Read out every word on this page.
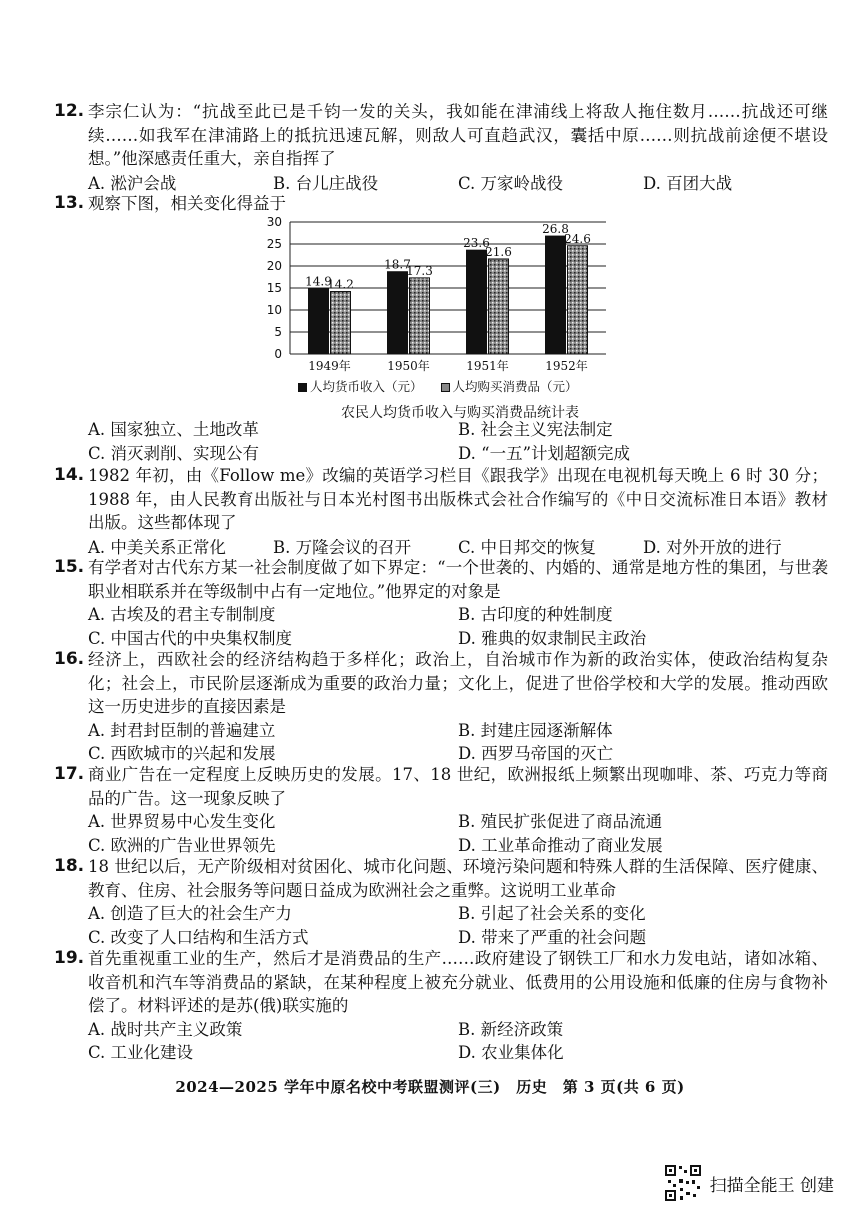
12. 李宗仁认为：“抗战至此已是千钧一发的关头，我如能在津浦线上将敌人拖住数月……抗战还可继续……如我军在津浦路上的抵抗迅速瓦解，则敌人可直趋武汉，囊括中原……则抗战前途便不堪设想。”他深感责任重大，亲自指挥了
A. 淞沪会战	B. 台儿庄战役	C. 万家岭战役	D. 百团大战
13. 观察下图，相关变化得益于
0
5
10
15
20
25
30
14.9
14.2
1949年
18.7
17.3
1950年
23.6
21.6
1951年
26.8
24.6
1952年
人均货币收入（元） 人均购买消费品（元）
农民人均货币收入与购买消费品统计表
A. 国家独立、土地改革	B. 社会主义宪法制定
C. 消灭剥削、实现公有	D. “一五”计划超额完成
14. 1982 年初，由《Follow me》改编的英语学习栏目《跟我学》出现在电视机每天晚上 6 时 30 分；1988 年，由人民教育出版社与日本光村图书出版株式会社合作编写的《中日交流标准日本语》教材出版。这些都体现了
A. 中美关系正常化	B. 万隆会议的召开	C. 中日邦交的恢复	D. 对外开放的进行
15. 有学者对古代东方某一社会制度做了如下界定：“一个世袭的、内婚的、通常是地方性的集团，与世袭职业相联系并在等级制中占有一定地位。”他界定的对象是
A. 古埃及的君主专制制度	B. 古印度的种姓制度
C. 中国古代的中央集权制度	D. 雅典的奴隶制民主政治
16. 经济上，西欧社会的经济结构趋于多样化；政治上，自治城市作为新的政治实体，使政治结构复杂化；社会上，市民阶层逐渐成为重要的政治力量；文化上，促进了世俗学校和大学的发展。推动西欧这一历史进步的直接因素是
A. 封君封臣制的普遍建立	B. 封建庄园逐渐解体
C. 西欧城市的兴起和发展	D. 西罗马帝国的灭亡
17. 商业广告在一定程度上反映历史的发展。17、18 世纪，欧洲报纸上频繁出现咖啡、茶、巧克力等商品的广告。这一现象反映了
A. 世界贸易中心发生变化	B. 殖民扩张促进了商品流通
C. 欧洲的广告业世界领先	D. 工业革命推动了商业发展
18. 18 世纪以后，无产阶级相对贫困化、城市化问题、环境污染问题和特殊人群的生活保障、医疗健康、教育、住房、社会服务等问题日益成为欧洲社会之重弊。这说明工业革命
A. 创造了巨大的社会生产力	B. 引起了社会关系的变化
C. 改变了人口结构和生活方式	D. 带来了严重的社会问题
19. 首先重视重工业的生产，然后才是消费品的生产……政府建设了钢铁工厂和水力发电站，诸如冰箱、收音机和汽车等消费品的紧缺，在某种程度上被充分就业、低费用的公用设施和低廉的住房与食物补偿了。材料评述的是苏(俄)联实施的
A. 战时共产主义政策	B. 新经济政策
C. 工业化建设	D. 农业集体化
2024—2025 学年中原名校中考联盟测评(三)　历史　第 3 页(共 6 页)
扫描全能王 创建
